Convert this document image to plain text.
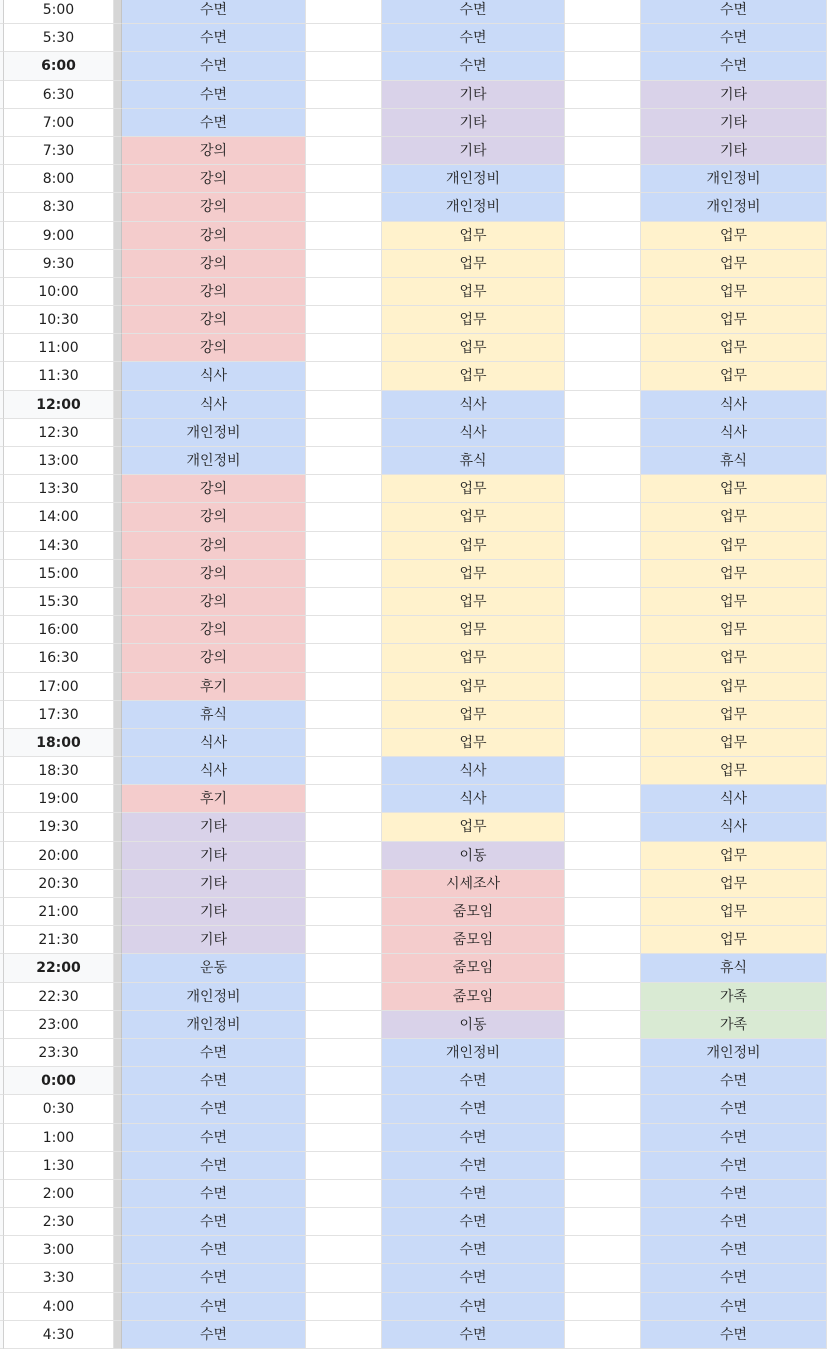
5:00	수면	수면	수면
5:30	수면	수면	수면
6:00	수면	수면	수면
6:30	수면	기타	기타
7:00	수면	기타	기타
7:30	강의	기타	기타
8:00	강의	개인정비	개인정비
8:30	강의	개인정비	개인정비
9:00	강의	업무	업무
9:30	강의	업무	업무
10:00	강의	업무	업무
10:30	강의	업무	업무
11:00	강의	업무	업무
11:30	식사	업무	업무
12:00	식사	식사	식사
12:30	개인정비	식사	식사
13:00	개인정비	휴식	휴식
13:30	강의	업무	업무
14:00	강의	업무	업무
14:30	강의	업무	업무
15:00	강의	업무	업무
15:30	강의	업무	업무
16:00	강의	업무	업무
16:30	강의	업무	업무
17:00	후기	업무	업무
17:30	휴식	업무	업무
18:00	식사	업무	업무
18:30	식사	식사	업무
19:00	후기	식사	식사
19:30	기타	업무	식사
20:00	기타	이동	업무
20:30	기타	시세조사	업무
21:00	기타	줌모임	업무
21:30	기타	줌모임	업무
22:00	운동	줌모임	휴식
22:30	개인정비	줌모임	가족
23:00	개인정비	이동	가족
23:30	수면	개인정비	개인정비
0:00	수면	수면	수면
0:30	수면	수면	수면
1:00	수면	수면	수면
1:30	수면	수면	수면
2:00	수면	수면	수면
2:30	수면	수면	수면
3:00	수면	수면	수면
3:30	수면	수면	수면
4:00	수면	수면	수면
4:30	수면	수면	수면
